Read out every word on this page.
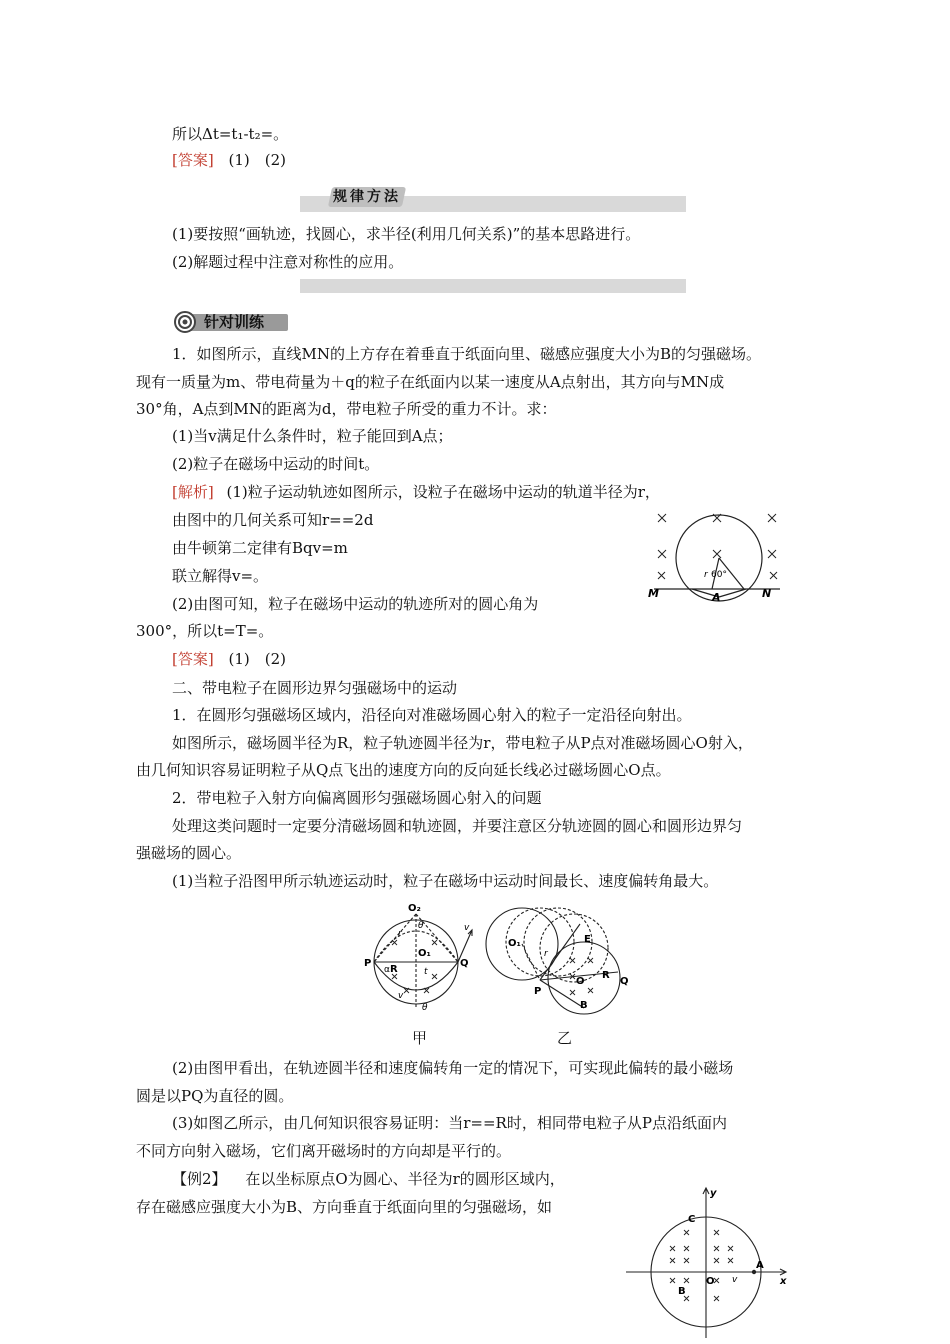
所以Δt=t₁-t₂=。
[答案] (1)　(2)
规律方法
(1)要按照“画轨迹，找圆心，求半径(利用几何关系)”的基本思路进行。
(2)解题过程中注意对称性的应用。
针对训练
1．如图所示，直线MN的上方存在着垂直于纸面向里、磁感应强度大小为B的匀强磁场。
现有一质量为m、带电荷量为＋q的粒子在纸面内以某一速度从A点射出，其方向与MN成
30°角，A点到MN的距离为d，带电粒子所受的重力不计。求：
(1)当v满足什么条件时，粒子能回到A点；
(2)粒子在磁场中运动的时间t。
[解析] (1)粒子运动轨迹如图所示，设粒子在磁场中运动的轨道半径为r，
由图中的几何关系可知r==2d
由牛顿第二定律有Bqv=m
联立解得v=。
(2)由图可知，粒子在磁场中运动的轨迹所对的圆心角为
300°，所以t=T=。
[答案] (1)　(2)
M	A	N
r 60°
二、带电粒子在圆形边界匀强磁场中的运动
1．在圆形匀强磁场区域内，沿径向对准磁场圆心射入的粒子一定沿径向射出。
如图所示，磁场圆半径为R，粒子轨迹圆半径为r，带电粒子从P点对准磁场圆心O射入，
由几何知识容易证明粒子从Q点飞出的速度方向的反向延长线必过磁场圆心O点。
2．带电粒子入射方向偏离圆形匀强磁场圆心射入的问题
处理这类问题时一定要分清磁场圆和轨迹圆，并要注意区分轨迹圆的圆心和圆形边界匀
强磁场的圆心。
(1)当粒子沿图甲所示轨迹运动时，粒子在磁场中运动时间最长、速度偏转角最大。
O₂
O₁
P	Q
R
α
r
θ
θ
t
v
v
O₁
P
Q
O
R
r
B
E
甲	乙
(2)由图甲看出，在轨迹圆半径和速度偏转角一定的情况下，可实现此偏转的最小磁场
圆是以PQ为直径的圆。
(3)如图乙所示，由几何知识很容易证明：当r==R时，相同带电粒子从P点沿纸面内
不同方向射入磁场，它们离开磁场时的方向却是平行的。
【例2】 在以坐标原点O为圆心、半径为r的圆形区域内，
存在磁感应强度大小为B、方向垂直于纸面向里的匀强磁场，如
y
x
C
O
A
B
v
